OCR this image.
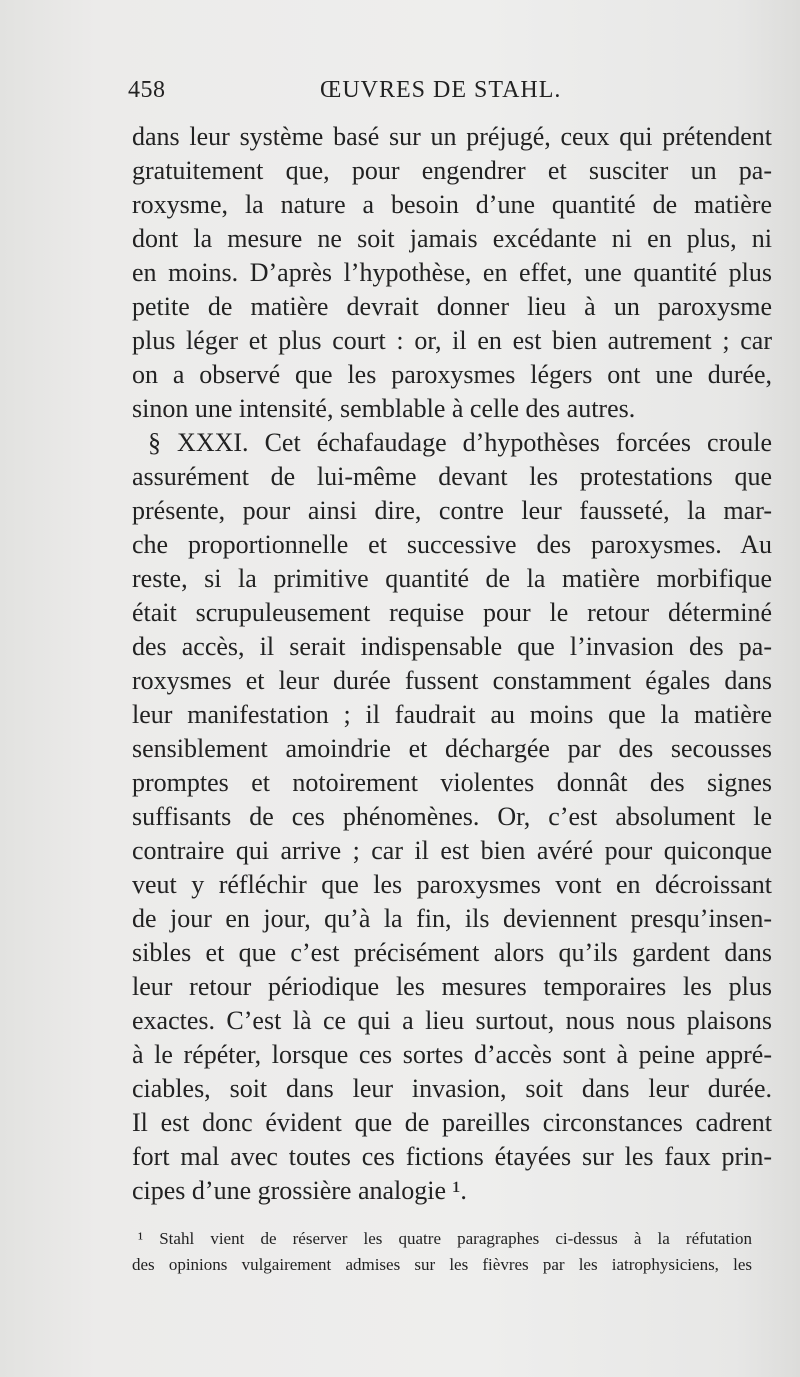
458	ŒUVRES DE STAHL.
dans leur système basé sur un préjugé, ceux qui prétendent
gratuitement que, pour engendrer et susciter un pa-
roxysme, la nature a besoin d’une quantité de matière
dont la mesure ne soit jamais excédante ni en plus, ni
en moins. D’après l’hypothèse, en effet, une quantité plus
petite de matière devrait donner lieu à un paroxysme
plus léger et plus court : or, il en est bien autrement ; car
on a observé que les paroxysmes légers ont une durée,
sinon une intensité, semblable à celle des autres.
§ XXXI. Cet échafaudage d’hypothèses forcées croule
assurément de lui-même devant les protestations que
présente, pour ainsi dire, contre leur fausseté, la mar-
che proportionnelle et successive des paroxysmes. Au
reste, si la primitive quantité de la matière morbifique
était scrupuleusement requise pour le retour déterminé
des accès, il serait indispensable que l’invasion des pa-
roxysmes et leur durée fussent constamment égales dans
leur manifestation ; il faudrait au moins que la matière
sensiblement amoindrie et déchargée par des secousses
promptes et notoirement violentes donnât des signes
suffisants de ces phénomènes. Or, c’est absolument le
contraire qui arrive ; car il est bien avéré pour quiconque
veut y réfléchir que les paroxysmes vont en décroissant
de jour en jour, qu’à la fin, ils deviennent presqu’insen-
sibles et que c’est précisément alors qu’ils gardent dans
leur retour périodique les mesures temporaires les plus
exactes. C’est là ce qui a lieu surtout, nous nous plaisons
à le répéter, lorsque ces sortes d’accès sont à peine appré-
ciables, soit dans leur invasion, soit dans leur durée.
Il est donc évident que de pareilles circonstances cadrent
fort mal avec toutes ces fictions étayées sur les faux prin-
cipes d’une grossière analogie ¹.
¹ Stahl vient de réserver les quatre paragraphes ci-dessus à la réfutation
des opinions vulgairement admises sur les fièvres par les iatrophysiciens, les
